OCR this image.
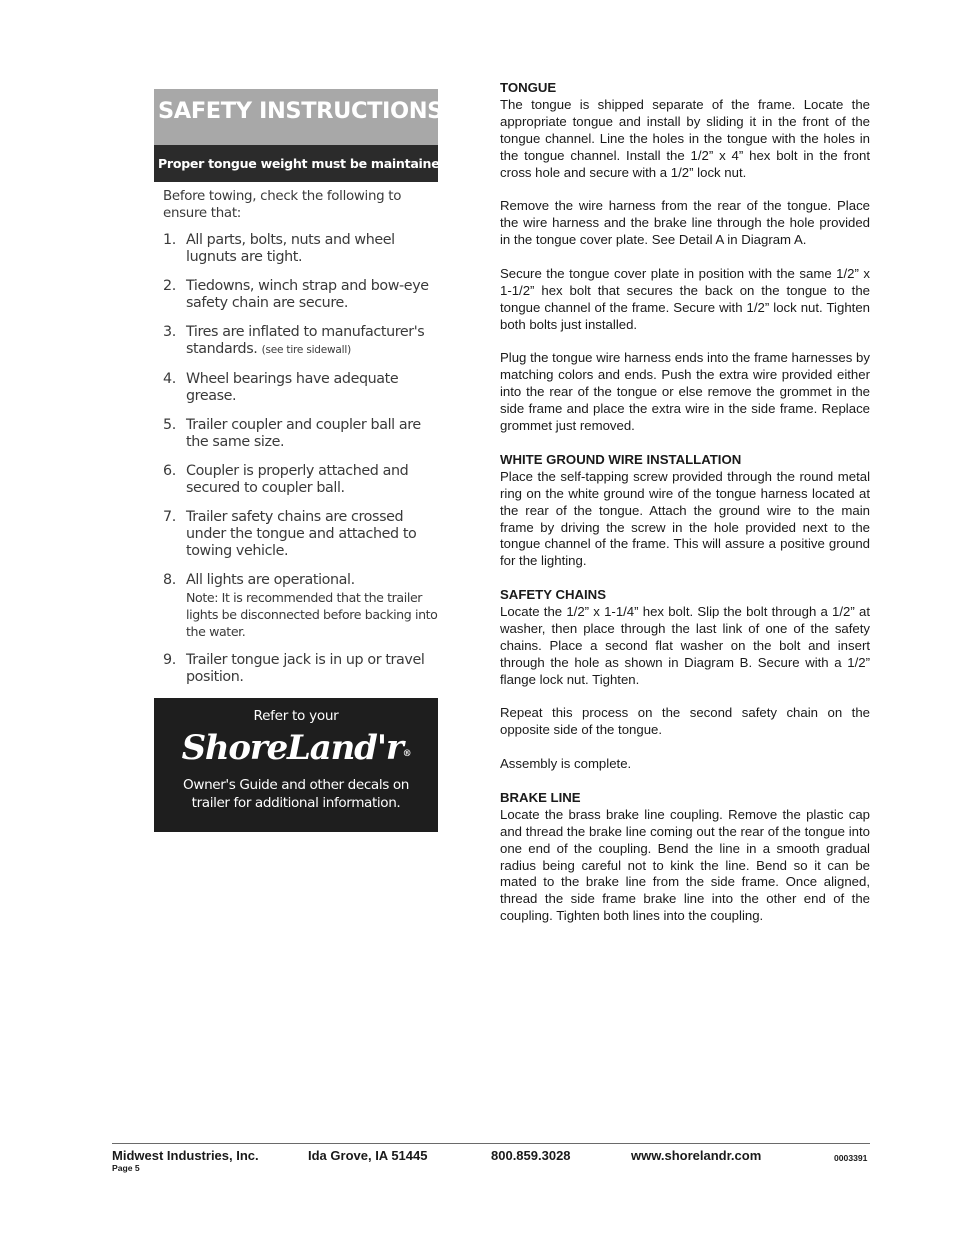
SAFETY INSTRUCTIONS
Proper tongue weight must be maintained.
Before towing, check the following to ensure that:
1. All parts, bolts, nuts and wheel lugnuts are tight.
2. Tiedowns, winch strap and bow-eye safety chain are secure.
3. Tires are inflated to manufacturer's standards. (see tire sidewall)
4. Wheel bearings have adequate grease.
5. Trailer coupler and coupler ball are the same size.
6. Coupler is properly attached and secured to coupler ball.
7. Trailer safety chains are crossed under the tongue and attached to towing vehicle.
8. All lights are operational.
Note: It is recommended that the trailer lights be disconnected before backing into the water.
9. Trailer tongue jack is in up or travel position.
Refer to your
ShoreLand'r®
Owner's Guide and other decals on
trailer for additional information.
TONGUE

The tongue is shipped separate of the frame. Locate the appropriate tongue and install by sliding it in the front of the tongue channel. Line the holes in the tongue with the holes in the tongue channel. Install the 1/2” x 4” hex bolt in the front cross hole and secure with a 1/2” lock nut.

Remove the wire harness from the rear of the tongue. Place the wire harness and the brake line through the hole provided in the tongue cover plate. See Detail A in Diagram A.

Secure the tongue cover plate in position with the same 1/2” x 1-1/2” hex bolt that secures the back on the tongue to the tongue channel of the frame. Secure with 1/2” lock nut. Tighten both bolts just installed.

Plug the tongue wire harness ends into the frame harnesses by matching colors and ends. Push the extra wire provided either into the rear of the tongue or else remove the grommet in the side frame and place the extra wire in the side frame. Replace grommet just removed.

WHITE GROUND WIRE INSTALLATION

Place the self-tapping screw provided through the round metal ring on the white ground wire of the tongue harness located at the rear of the tongue. Attach the ground wire to the main frame by driving the screw in the hole provided next to the tongue channel of the frame. This will assure a positive ground for the lighting.

SAFETY CHAINS

Locate the 1/2” x 1-1/4” hex bolt. Slip the bolt through a 1/2” at washer, then place through the last link of one of the safety chains. Place a second flat washer on the bolt and insert through the hole as shown in Diagram B. Secure with a 1/2” flange lock nut. Tighten.

Repeat this process on the second safety chain on the opposite side of the tongue.

Assembly is complete.

BRAKE LINE

Locate the brass brake line coupling. Remove the plastic cap and thread the brake line coming out the rear of the tongue into one end of the coupling. Bend the line in a smooth gradual radius being careful not to kink the line. Bend so it can be mated to the brake line from the side frame. Once aligned, thread the side frame brake line into the other end of the coupling. Tighten both lines into the coupling.

Midwest Industries, Inc.	Ida Grove, IA 51445	800.859.3028	www.shorelandr.com	0003391
Page 5
